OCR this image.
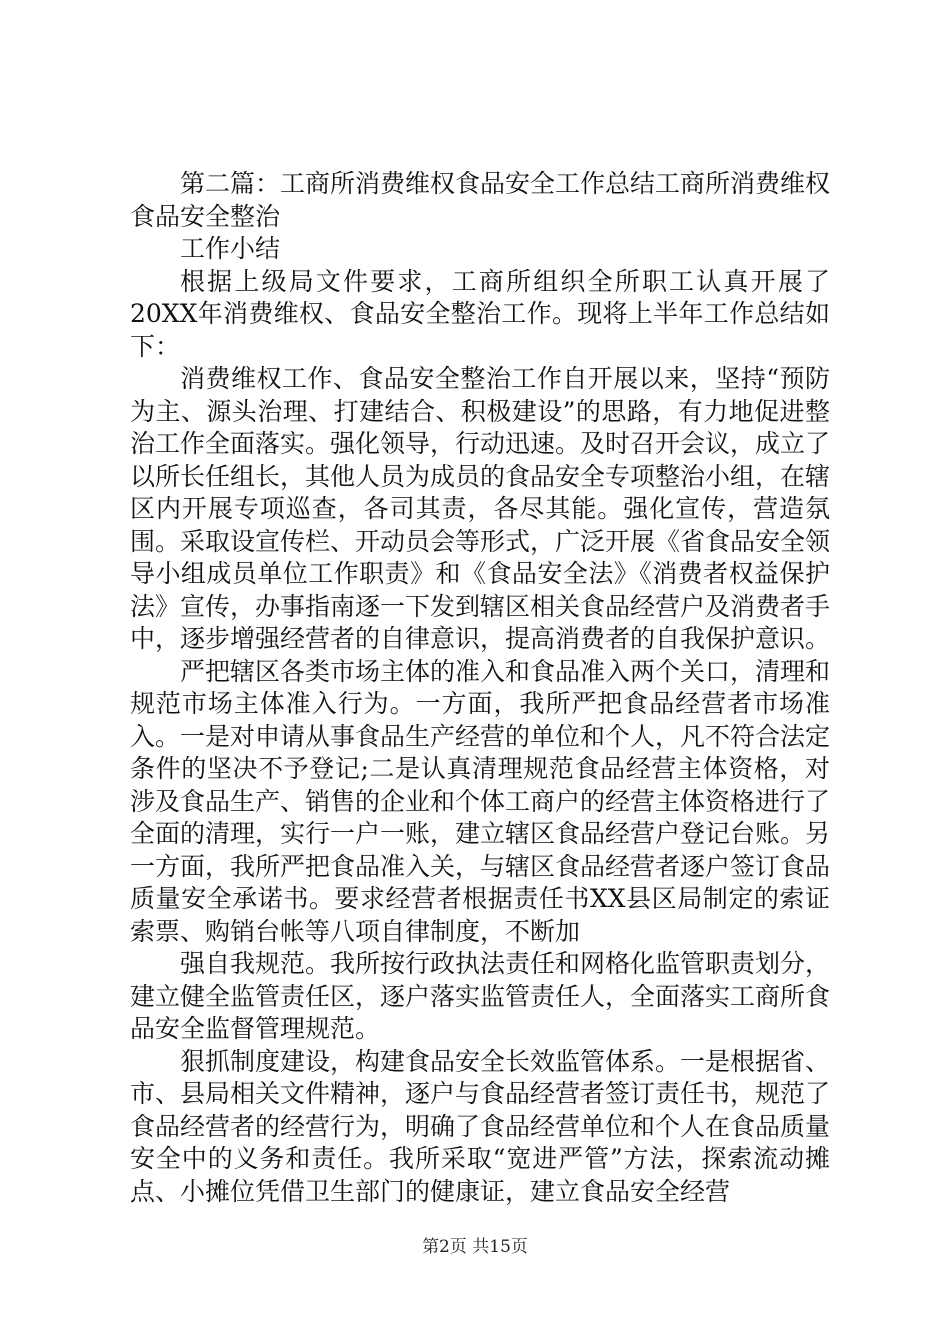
第二篇：工商所消费维权食品安全工作总结工商所消费维权食品安全整治

工作小结

根据上级局文件要求，工商所组织全所职工认真开展了20XX年消费维权、食品安全整治工作。现将上半年工作总结如下：

消费维权工作、食品安全整治工作自开展以来，坚持“预防为主、源头治理、打建结合、积极建设”的思路，有力地促进整治工作全面落实。强化领导，行动迅速。及时召开会议，成立了以所长任组长，其他人员为成员的食品安全专项整治小组，在辖区内开展专项巡查，各司其责，各尽其能。强化宣传，营造氛围。采取设宣传栏、开动员会等形式，广泛开展《省食品安全领导小组成员单位工作职责》和《食品安全法》《消费者权益保护法》宣传，办事指南逐一下发到辖区相关食品经营户及消费者手中，逐步增强经营者的自律意识，提高消费者的自我保护意识。

严把辖区各类市场主体的准入和食品准入两个关口，清理和规范市场主体准入行为。一方面，我所严把食品经营者市场准入。一是对申请从事食品生产经营的单位和个人，凡不符合法定条件的坚决不予登记;二是认真清理规范食品经营主体资格，对涉及食品生产、销售的企业和个体工商户的经营主体资格进行了全面的清理，实行一户一账，建立辖区食品经营户登记台账。另一方面，我所严把食品准入关，与辖区食品经营者逐户签订食品质量安全承诺书。要求经营者根据责任书XX县区局制定的索证索票、购销台帐等八项自律制度，不断加

强自我规范。我所按行政执法责任和网格化监管职责划分，建立健全监管责任区，逐户落实监管责任人，全面落实工商所食品安全监督管理规范。

狠抓制度建设，构建食品安全长效监管体系。一是根据省、市、县局相关文件精神，逐户与食品经营者签订责任书，规范了食品经营者的经营行为，明确了食品经营单位和个人在食品质量安全中的义务和责任。我所采取“宽进严管”方法，探索流动摊点、小摊位凭借卫生部门的健康证，建立食品安全经营

第2页 共15页
